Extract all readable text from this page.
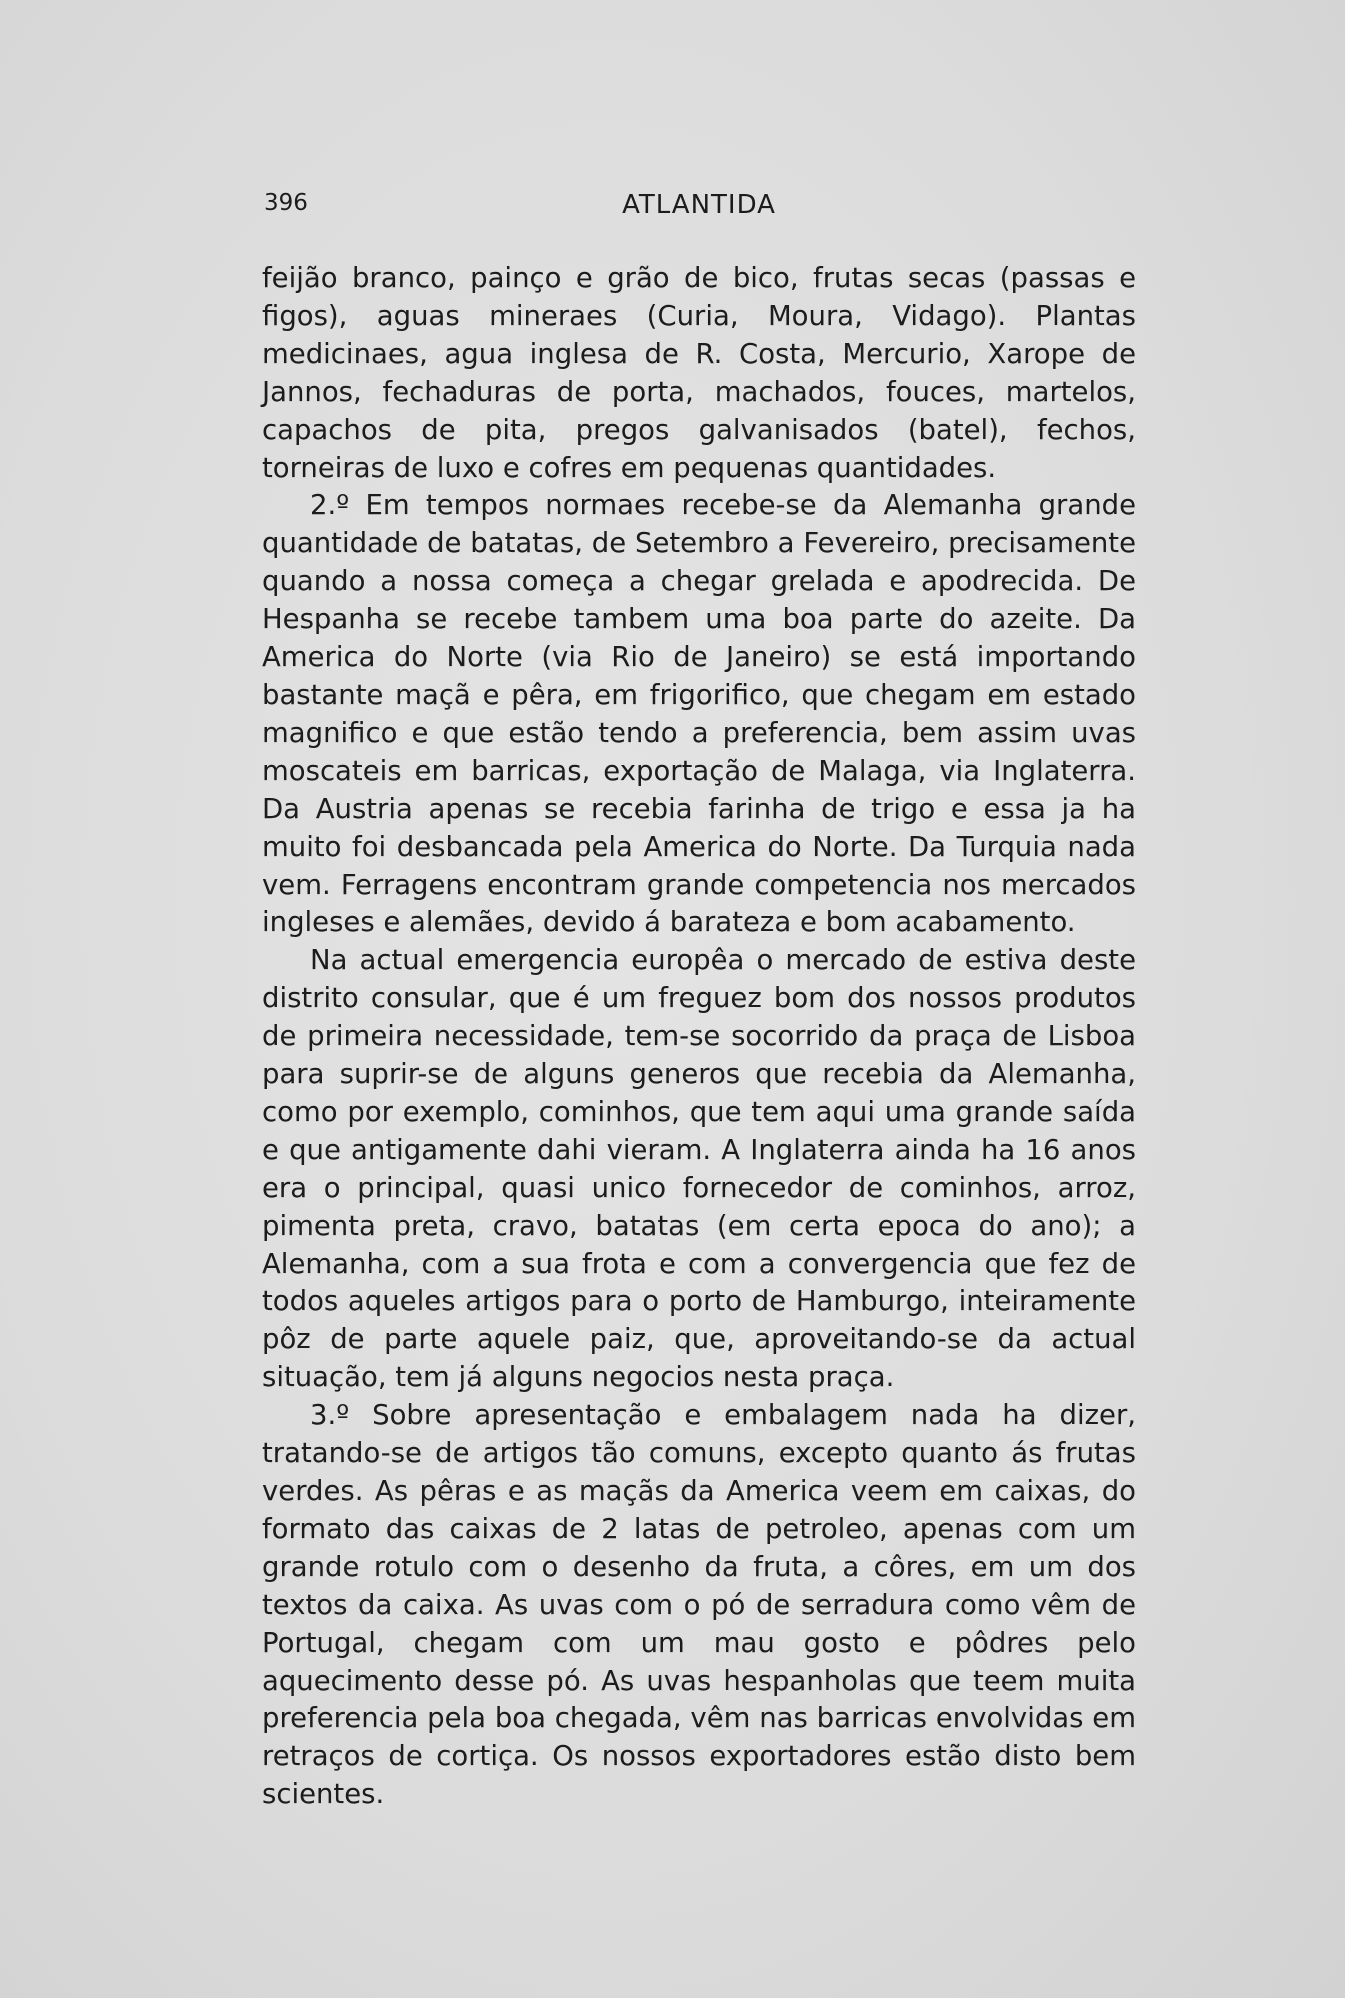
396	ATLANTIDA

feijão branco, painço e grão de bico, frutas secas (passas e figos), aguas mineraes (Curia, Moura, Vidago). Plantas medicinaes, agua inglesa de R. Costa, Mercurio, Xarope de Jannos, fechaduras de porta, machados, fouces, martelos, capachos de pita, pregos galvanisados (batel), fechos, torneiras de luxo e cofres em pequenas quantidades.

2.º Em tempos normaes recebe-se da Alemanha grande quantidade de batatas, de Setembro a Fevereiro, precisamente quando a nossa começa a chegar grelada e apodrecida. De Hespanha se recebe tambem uma boa parte do azeite. Da America do Norte (via Rio de Janeiro) se está importando bastante maçã e pêra, em frigorifico, que chegam em estado magnifico e que estão tendo a preferencia, bem assim uvas moscateis em barricas, exportação de Malaga, via Inglaterra. Da Austria apenas se recebia farinha de trigo e essa ja ha muito foi desbancada pela America do Norte. Da Turquia nada vem. Ferragens encontram grande competencia nos mercados ingleses e alemães, devido á barateza e bom acabamento.

Na actual emergencia europêa o mercado de estiva deste distrito consular, que é um freguez bom dos nossos produtos de primeira necessidade, tem-se socorrido da praça de Lisboa para suprir-se de alguns generos que recebia da Alemanha, como por exemplo, cominhos, que tem aqui uma grande saída e que antigamente dahi vieram. A Inglaterra ainda ha 16 anos era o principal, quasi unico fornecedor de cominhos, arroz, pimenta preta, cravo, batatas (em certa epoca do ano); a Alemanha, com a sua frota e com a convergencia que fez de todos aqueles artigos para o porto de Hamburgo, inteiramente pôz de parte aquele paiz, que, aproveitando-se da actual situação, tem já alguns negocios nesta praça.

3.º Sobre apresentação e embalagem nada ha dizer, tratando-se de artigos tão comuns, excepto quanto ás frutas verdes. As pêras e as maçãs da America veem em caixas, do formato das caixas de 2 latas de petroleo, apenas com um grande rotulo com o desenho da fruta, a côres, em um dos textos da caixa. As uvas com o pó de serradura como vêm de Portugal, chegam com um mau gosto e pôdres pelo aquecimento desse pó. As uvas hespanholas que teem muita preferencia pela boa chegada, vêm nas barricas envolvidas em retraços de cortiça. Os nossos exportadores estão disto bem scientes.
